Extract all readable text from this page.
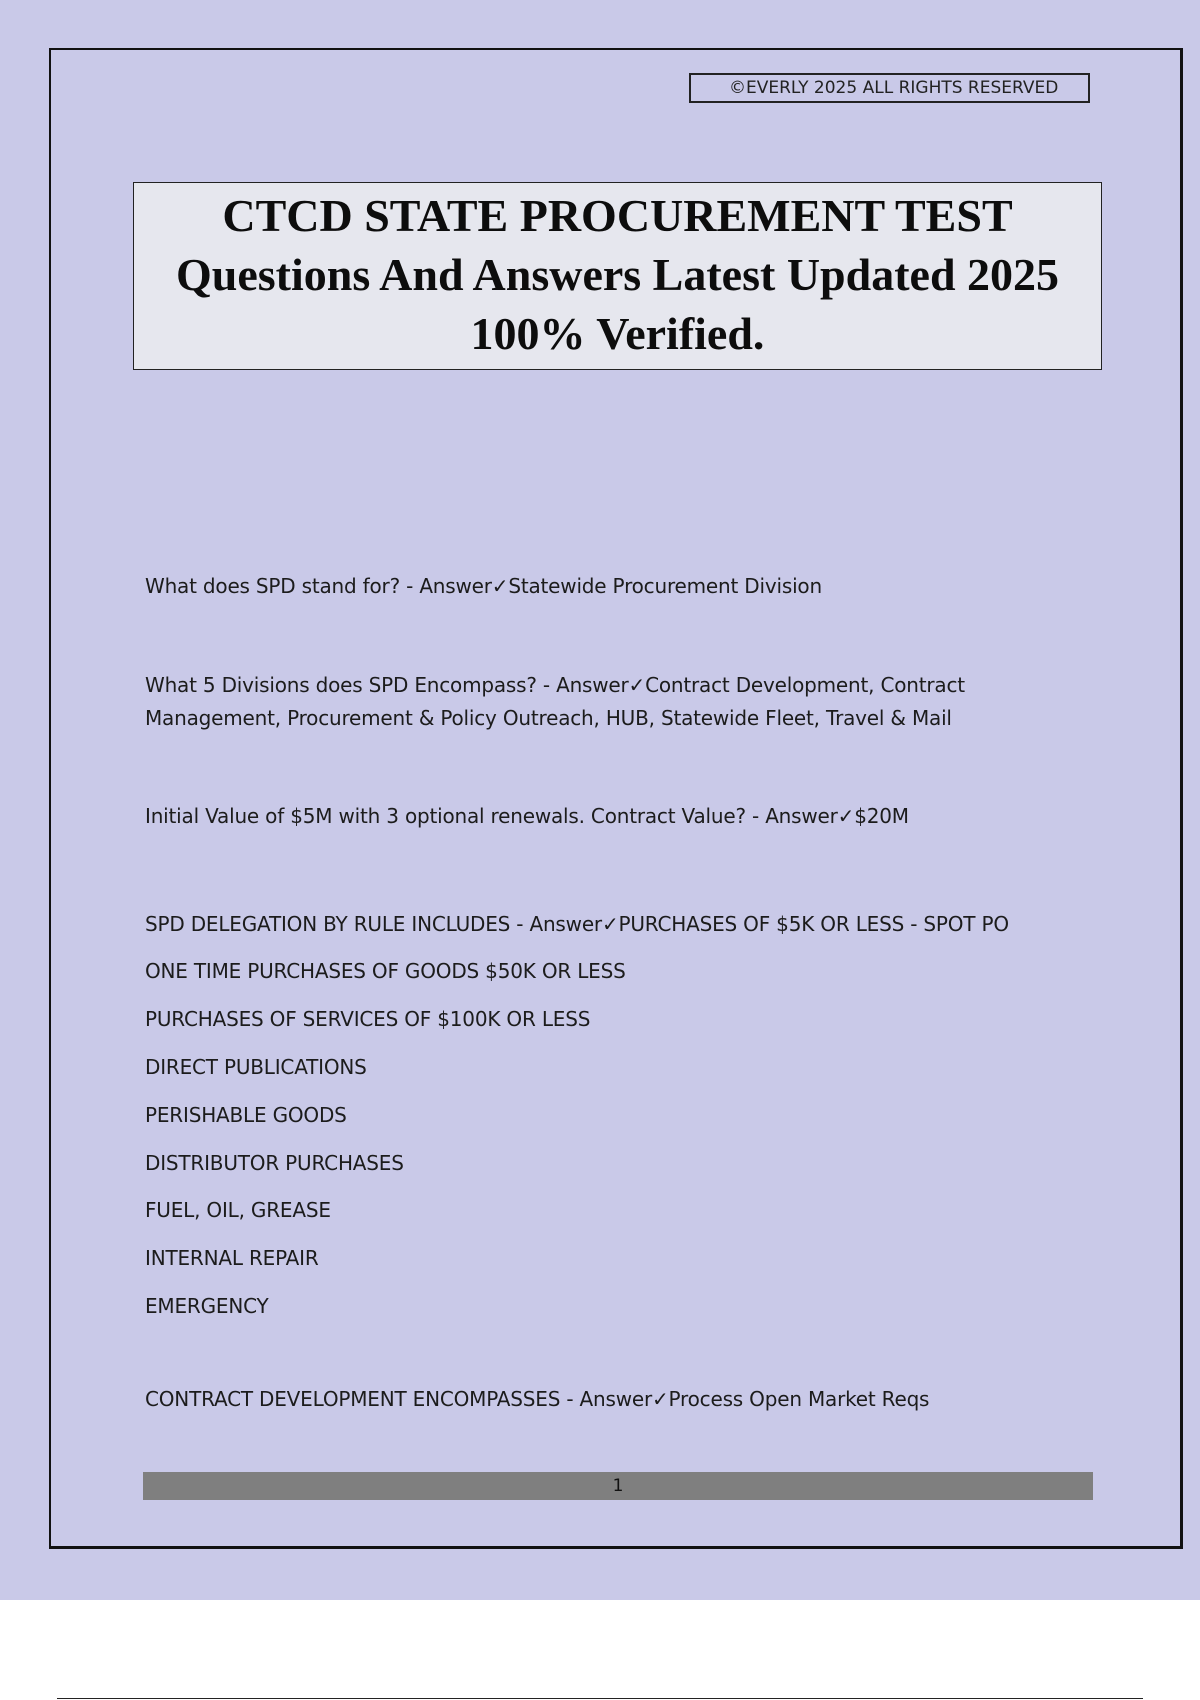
©EVERLY 2025 ALL RIGHTS RESERVED
CTCD STATE PROCUREMENT TEST
Questions And Answers Latest Updated 2025
100% Verified.
What does SPD stand for? - Answer✓Statewide Procurement Division
What 5 Divisions does SPD Encompass? - Answer✓Contract Development, Contract
Management, Procurement & Policy Outreach, HUB, Statewide Fleet, Travel & Mail
Initial Value of $5M with 3 optional renewals. Contract Value? - Answer✓$20M
SPD DELEGATION BY RULE INCLUDES - Answer✓PURCHASES OF $5K OR LESS - SPOT PO
ONE TIME PURCHASES OF GOODS $50K OR LESS
PURCHASES OF SERVICES OF $100K OR LESS
DIRECT PUBLICATIONS
PERISHABLE GOODS
DISTRIBUTOR PURCHASES
FUEL, OIL, GREASE
INTERNAL REPAIR
EMERGENCY
CONTRACT DEVELOPMENT ENCOMPASSES - Answer✓Process Open Market Reqs
1
